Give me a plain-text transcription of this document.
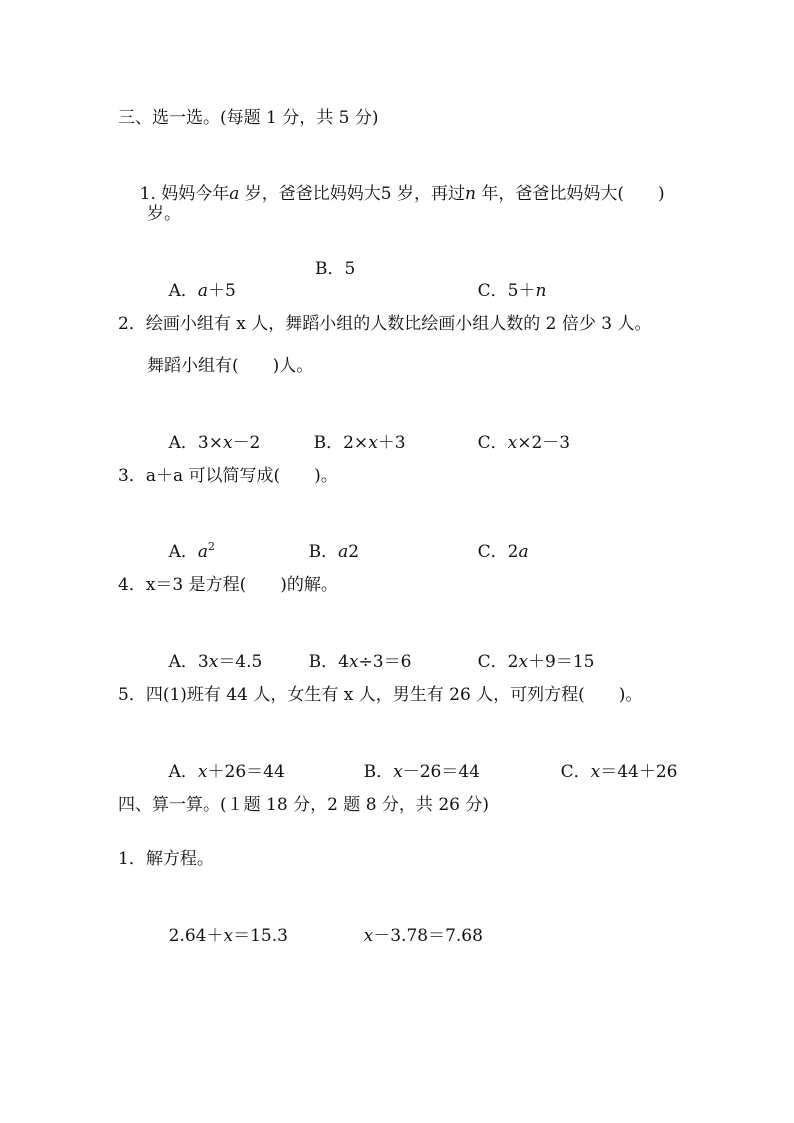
三、选一选。(每题 1 分，共 5 分)

1. 妈妈今年a 岁，爸爸比妈妈大5 岁，再过n 年，爸爸比妈妈大(　　)

岁。

A．a＋5

B．5

C．5＋n

2．绘画小组有 x 人，舞蹈小组的人数比绘画小组人数的 2 倍少 3 人。
舞蹈小组有(　　)人。

A．3×x－2
	B．2×x＋3
	C．x×2－3

3．a＋a 可以简写成(　　)。

A．$a^2$
	B．a2
	C．2a

4．x＝3 是方程(　　)的解。

A．3x＝4.5
	B．4x÷3＝6
	C．2x＋9＝15

5．四(1)班有 44 人，女生有 x 人，男生有 26 人，可列方程(　　)。

A．x＋26＝44
	B．x－26＝44
	C．x＝44＋26

四、算一算。(１题 18 分，2 题 8 分，共 26 分)
1．解方程。

2.64＋x＝15.3
	x－3.78＝7.68
